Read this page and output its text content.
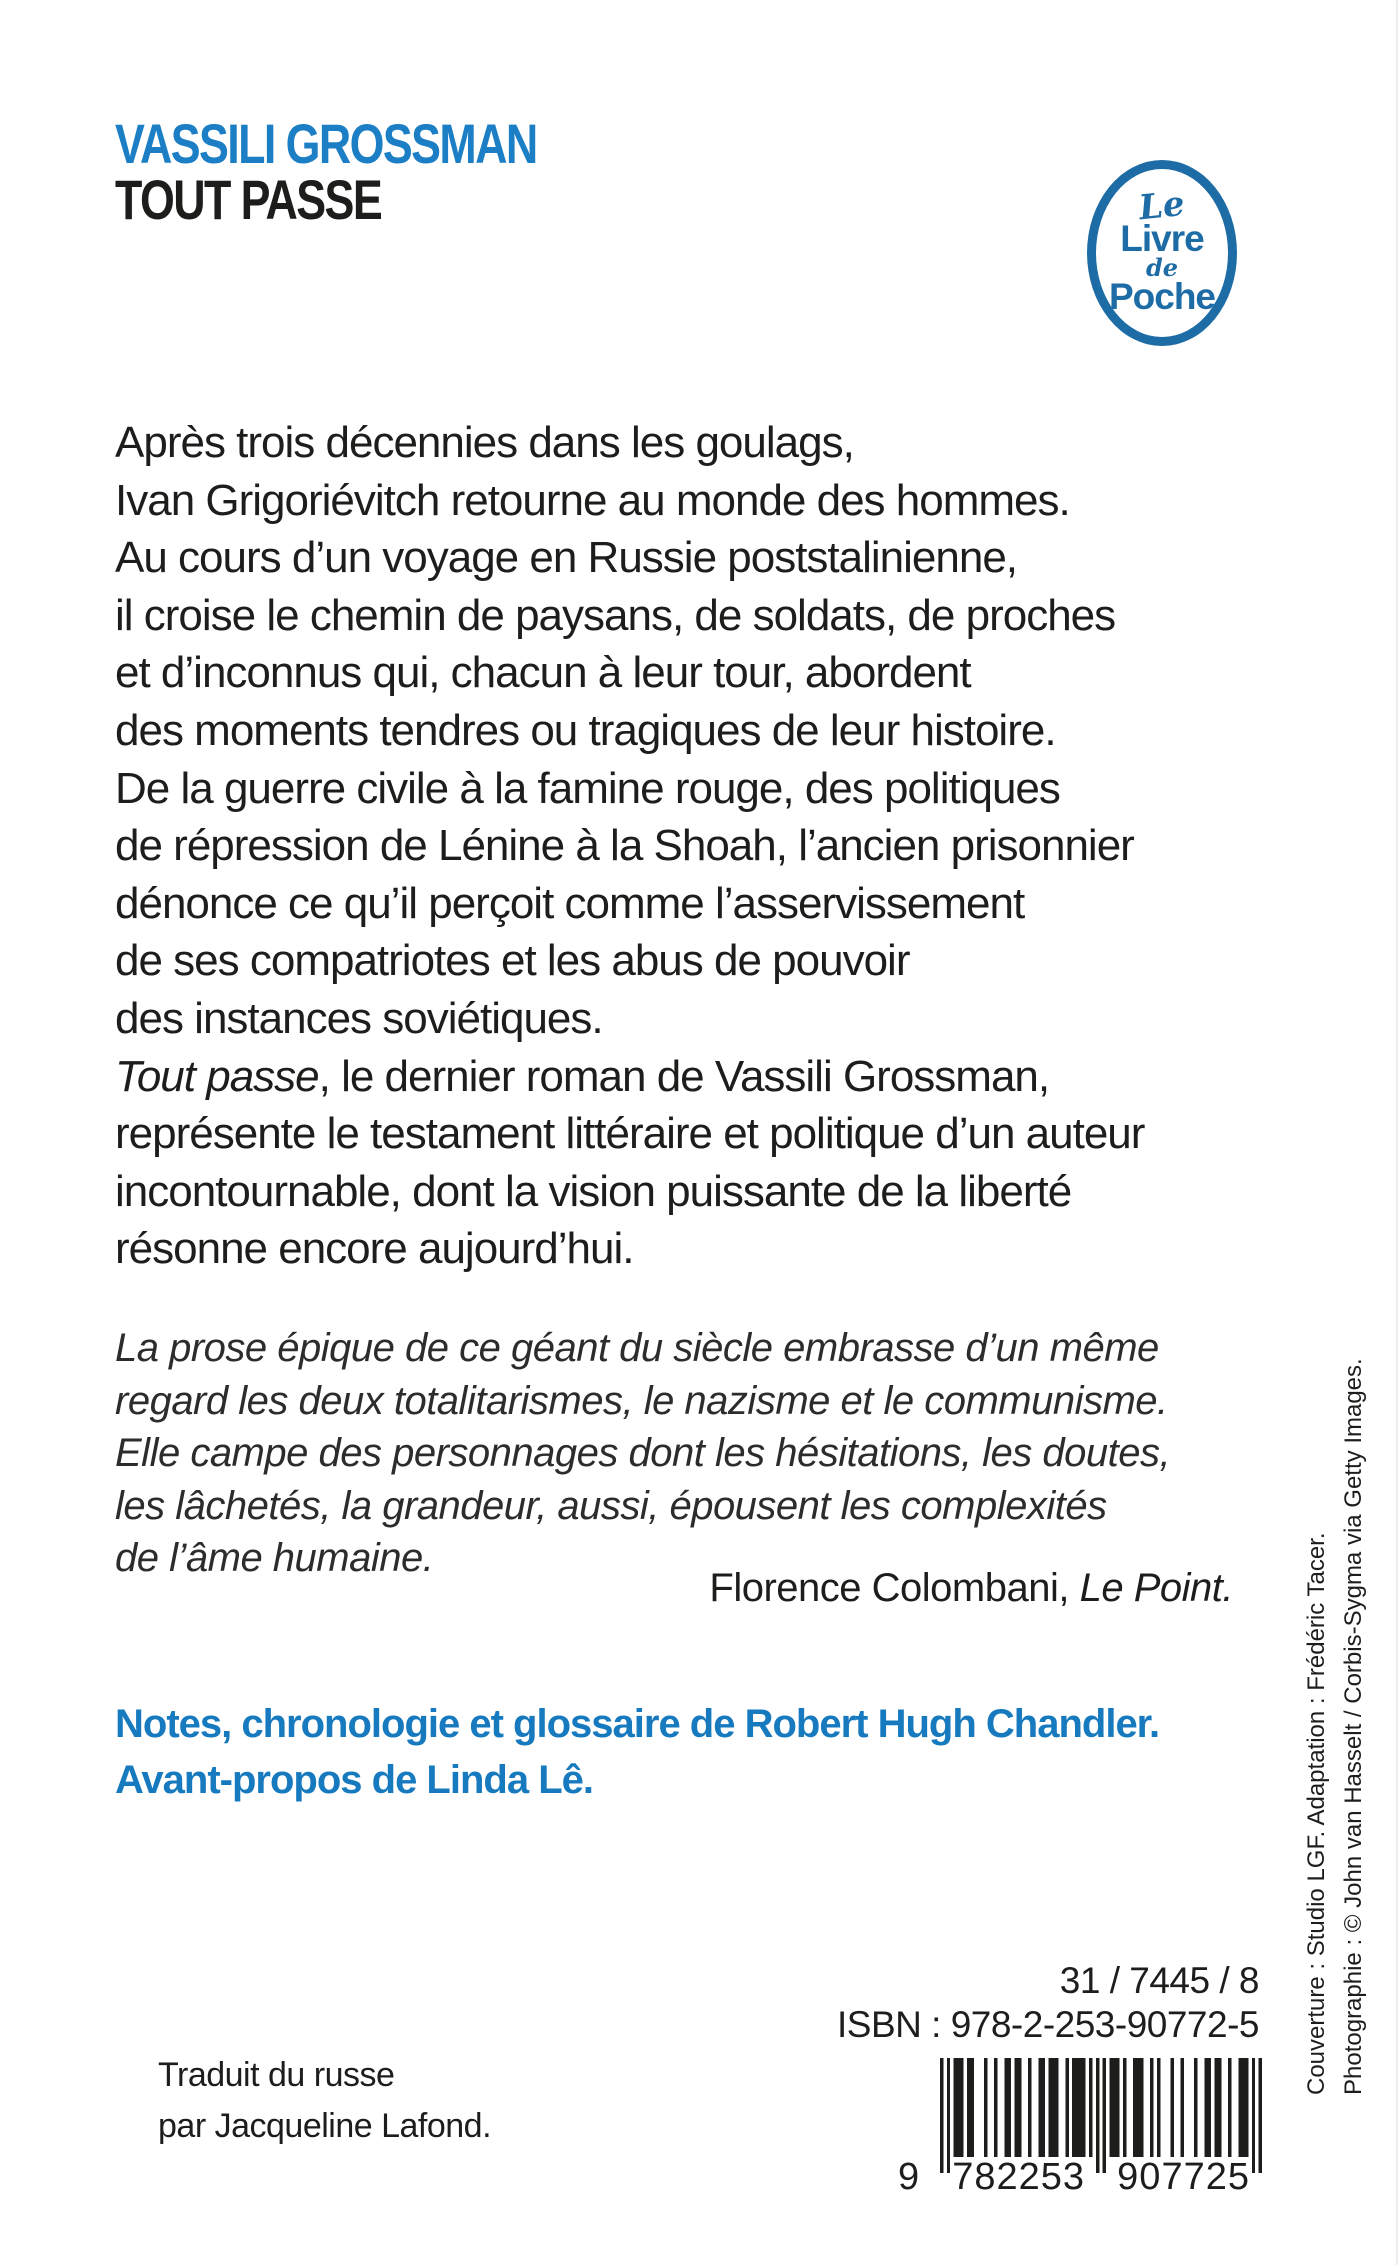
VASSILI GROSSMAN
TOUT PASSE	Le
Livre
de
Poche
Après trois décennies dans les goulags,
Ivan Grigoriévitch retourne au monde des hommes.
Au cours d’un voyage en Russie poststalinienne,
il croise le chemin de paysans, de soldats, de proches
et d’inconnus qui, chacun à leur tour, abordent
des moments tendres ou tragiques de leur histoire.
De la guerre civile à la famine rouge, des politiques
de répression de Lénine à la Shoah, l’ancien prisonnier
dénonce ce qu’il perçoit comme l’asservissement
de ses compatriotes et les abus de pouvoir
des instances soviétiques.
Tout passe, le dernier roman de Vassili Grossman,
représente le testament littéraire et politique d’un auteur
incontournable, dont la vision puissante de la liberté
résonne encore aujourd’hui.
La prose épique de ce géant du siècle embrasse d’un même
regard les deux totalitarismes, le nazisme et le communisme.
Elle campe des personnages dont les hésitations, les doutes,
les lâchetés, la grandeur, aussi, épousent les complexités
de l’âme humaine.
Florence Colombani, Le Point.
Notes, chronologie et glossaire de Robert Hugh Chandler.
Avant-propos de Linda Lê.
31 / 7445 / 8
ISBN : 978-2-253-90772-5
9 782253 907725
Traduit du russe
par Jacqueline Lafond.
Couverture : Studio LGF. Adaptation : Frédéric Tacer. Photographie : © John van Hasselt / Corbis-Sygma via Getty Images.
